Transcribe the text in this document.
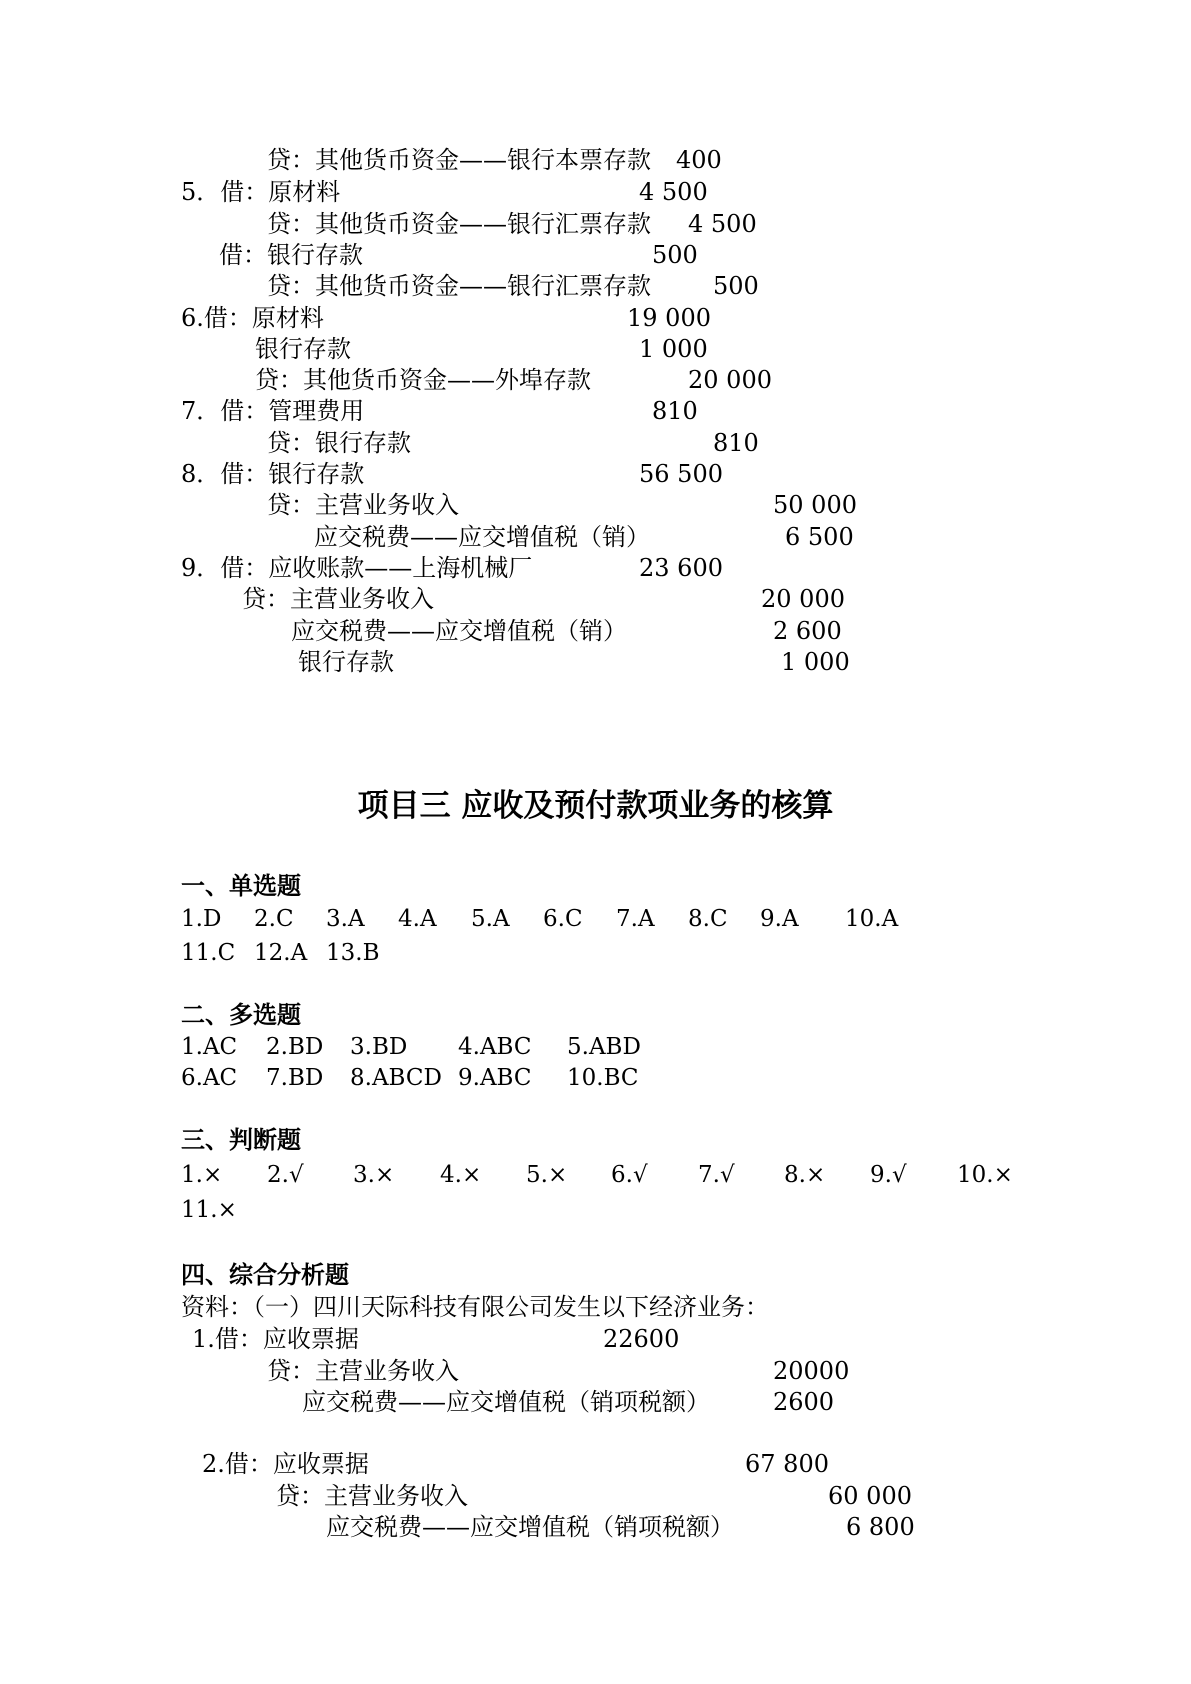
贷：其他货币资金——银行本票存款 400
5．借：原材料	4 500
贷：其他货币资金——银行汇票存款 4 500
借：银行存款	500
贷：其他货币资金——银行汇票存款	500
6.借：原材料	19 000
银行存款	1 000
贷：其他货币资金——外埠存款	20 000
7．借：管理费用	810
贷：银行存款	810
8．借：银行存款	56 500
贷：主营业务收入	50 000
应交税费——应交增值税（销）	6 500
9．借：应收账款——上海机械厂	23 600
贷：主营业务收入	20 000
应交税费——应交增值税（销）	2 600
银行存款	1 000
项目三 应收及预付款项业务的核算
一、单选题
1.D 2.C 3.A 4.A 5.A 6.C 7.A 8.C 9.A 10.A
11.C 12.A 13.B
二、多选题
1.AC 2.BD 3.BD 4.ABC 5.ABD
6.AC 7.BD 8.ABCD 9.ABC 10.BC
三、判断题
1.× 2.√ 3.× 4.× 5.× 6.√ 7.√ 8.× 9.√ 10.×
11.×
四、综合分析题
资料：（一）四川天际科技有限公司发生以下经济业务：
1.借：应收票据	22600
贷：主营业务收入	20000
应交税费——应交增值税（销项税额）	2600
2.借：应收票据	67 800
贷：主营业务收入	60 000
应交税费——应交增值税（销项税额）	6 800
